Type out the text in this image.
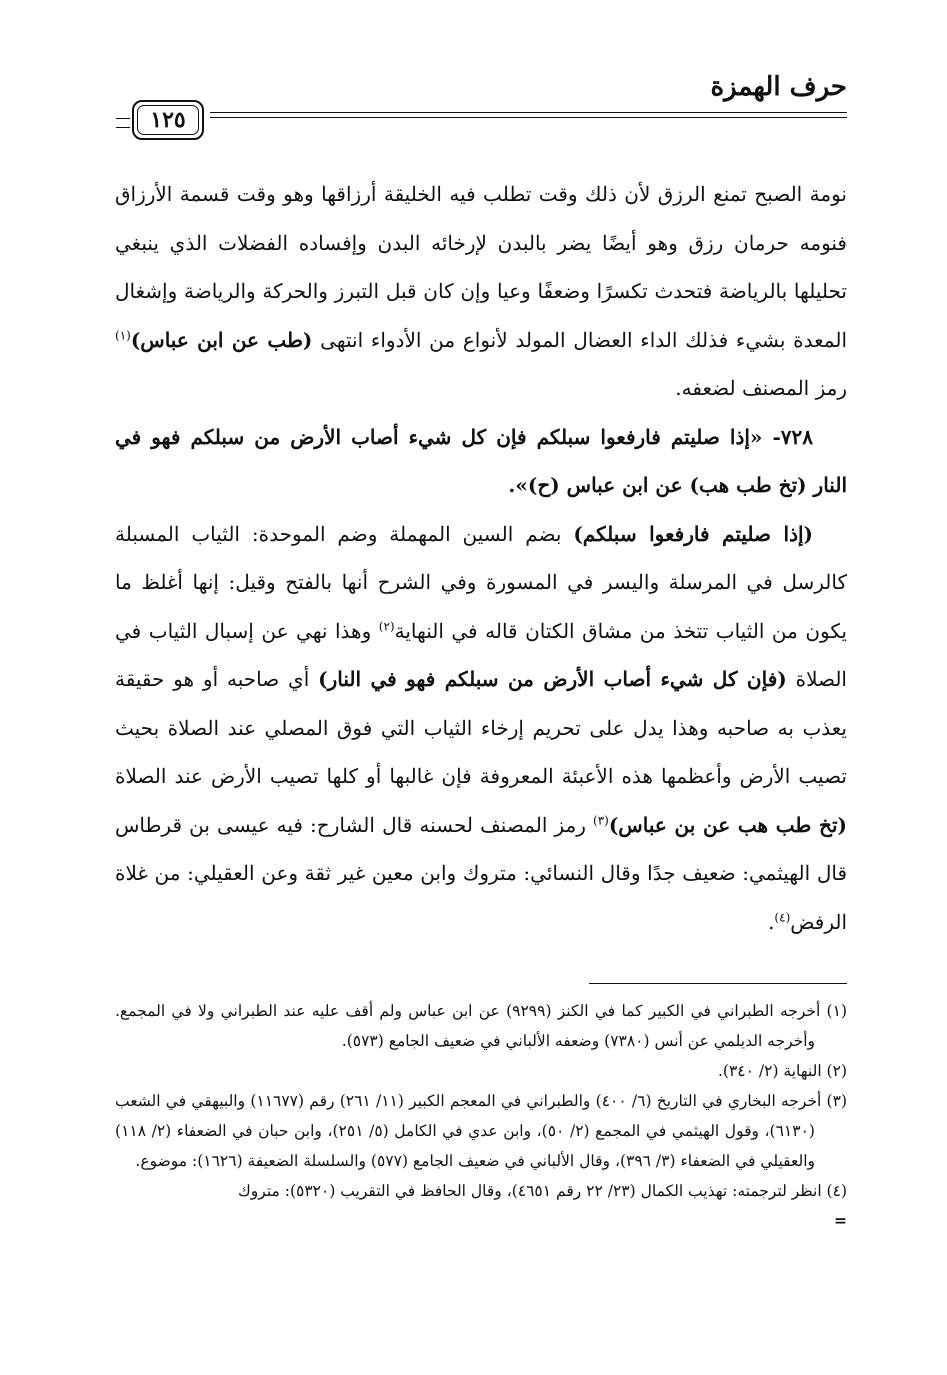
حرف الهمزة
١٢٥

نومة الصبح تمنع الرزق لأن ذلك وقت تطلب فيه الخليقة أرزاقها وهو وقت قسمة الأرزاق فنومه حرمان رزق وهو أيضًا يضر بالبدن لإرخائه البدن وإفساده الفضلات الذي ينبغي تحليلها بالرياضة فتحدث تكسرًا وضعفًا وعيا وإن كان قبل التبرز والحركة والرياضة وإشغال المعدة بشيء فذلك الداء العضال المولد لأنواع من الأدواء انتهى (طب عن ابن عباس)$^{(١)}$ رمز المصنف لضعفه.

٧٢٨- «إذا صليتم فارفعوا سبلكم فإن كل شيء أصاب الأرض من سبلكم فهو في النار (تخ طب هب) عن ابن عباس (ح)».

(إذا صليتم فارفعوا سبلكم) بضم السين المهملة وضم الموحدة: الثياب المسبلة كالرسل في المرسلة واليسر في المسورة وفي الشرح أنها بالفتح وقيل: إنها أغلظ ما يكون من الثياب تتخذ من مشاق الكتان قاله في النهاية$^{(٢)}$ وهذا نهي عن إسبال الثياب في الصلاة (فإن كل شيء أصاب الأرض من سبلكم فهو في النار) أي صاحبه أو هو حقيقة يعذب به صاحبه وهذا يدل على تحريم إرخاء الثياب التي فوق المصلي عند الصلاة بحيث تصيب الأرض وأعظمها هذه الأعبئة المعروفة فإن غالبها أو كلها تصيب الأرض عند الصلاة (تخ طب هب عن بن عباس)$^{(٣)}$ رمز المصنف لحسنه قال الشارح: فيه عيسى بن قرطاس قال الهيثمي: ضعيف جدًا وقال النسائي: متروك وابن معين غير ثقة وعن العقيلي: من غلاة الرفض$^{(٤)}$.

(١) أخرجه الطبراني في الكبير كما في الكنز (٩٢٩٩) عن ابن عباس ولم أقف عليه عند الطبراني ولا في المجمع. وأخرجه الديلمي عن أنس (٧٣٨٠) وضعفه الألباني في ضعيف الجامع (٥٧٣).

(٢) النهاية (٢/ ٣٤٠).

(٣) أخرجه البخاري في التاريخ (٦/ ٤٠٠) والطبراني في المعجم الكبير (١١/ ٢٦١) رقم (١١٦٧٧) والبيهقي في الشعب (٦١٣٠)، وقول الهيثمي في المجمع (٢/ ٥٠)، وابن عدي في الكامل (٥/ ٢٥١)، وابن حبان في الضعفاء (٢/ ١١٨) والعقيلي في الضعفاء (٣/ ٣٩٦)، وقال الألباني في ضعيف الجامع (٥٧٧) والسلسلة الضعيفة (١٦٢٦): موضوع.

(٤) انظر لترجمته: تهذيب الكمال (٢٣/ ٢٢ رقم ٤٦٥١)، وقال الحافظ في التقريب (٥٣٢٠): متروك

=
